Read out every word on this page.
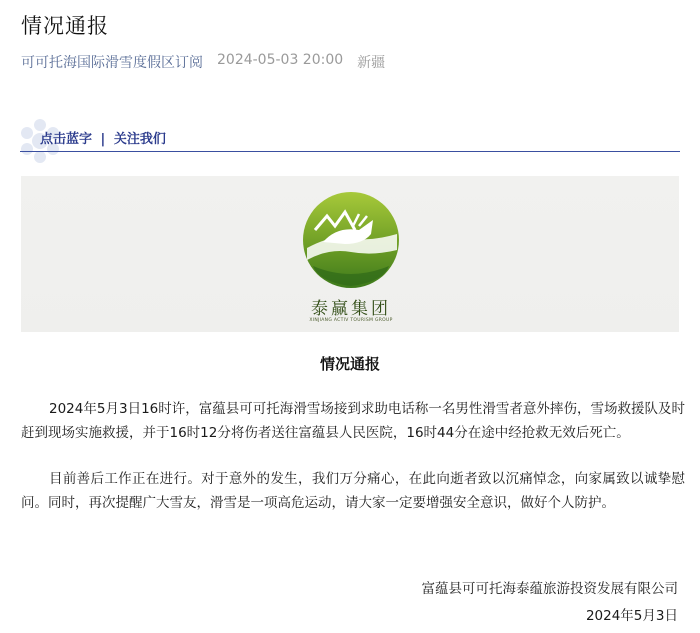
情况通报
可可托海国际滑雪度假区订阅 2024-05-03 20:00 新疆
点击蓝字 | 关注我们
泰赢集团
XINJIANG ACTIV TOURISM GROUP
情况通报

2024年5月3日16时许，富蕴县可可托海滑雪场接到求助电话称一名男性滑雪者意外摔伤，雪场救援队及时赶到现场实施救援，并于16时12分将伤者送往富蕴县人民医院，16时44分在途中经抢救无效后死亡。

目前善后工作正在进行。对于意外的发生，我们万分痛心，在此向逝者致以沉痛悼念，向家属致以诚挚慰问。同时，再次提醒广大雪友，滑雪是一项高危运动，请大家一定要增强安全意识，做好个人防护。

富蕴县可可托海泰蕴旅游投资发展有限公司
2024年5月3日
